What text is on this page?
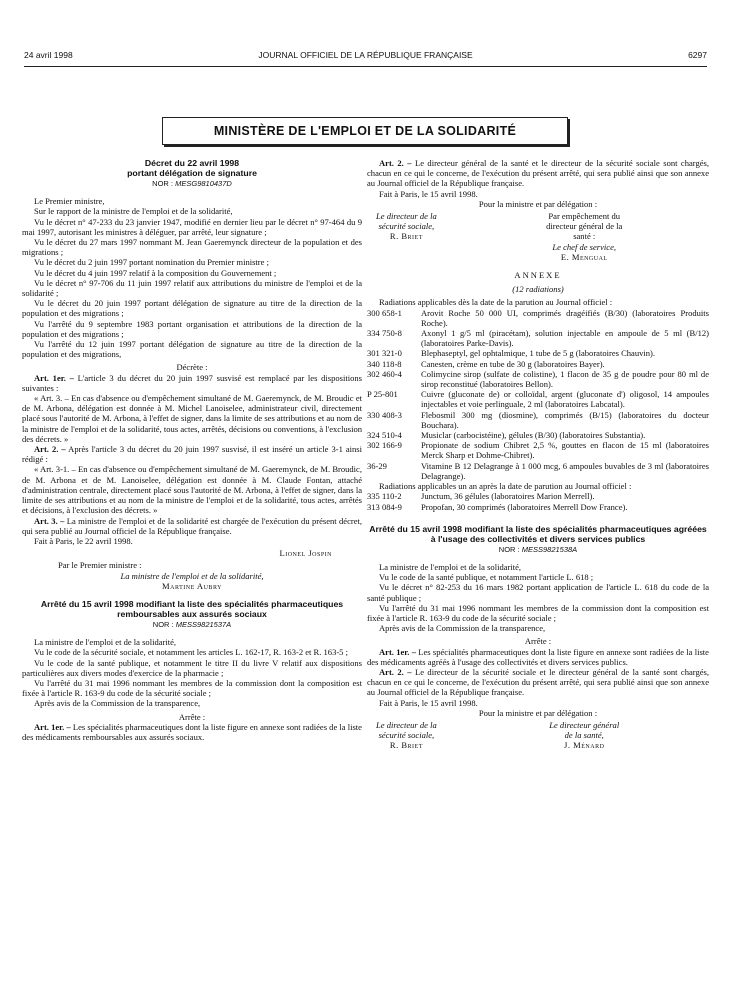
24 avril 1998	JOURNAL OFFICIEL DE LA RÉPUBLIQUE FRANÇAISE	6297
MINISTÈRE DE L'EMPLOI ET DE LA SOLIDARITÉ
Décret du 22 avril 1998
portant délégation de signature
NOR : MESG9810437D

Le Premier ministre,

Sur le rapport de la ministre de l'emploi et de la solidarité,

Vu le décret n° 47-233 du 23 janvier 1947, modifié en dernier lieu par le décret n° 97-464 du 9 mai 1997, autorisant les ministres à déléguer, par arrêté, leur signature ;

Vu le décret du 27 mars 1997 nommant M. Jean Gaeremynck directeur de la population et des migrations ;

Vu le décret du 2 juin 1997 portant nomination du Premier ministre ;

Vu le décret du 4 juin 1997 relatif à la composition du Gouvernement ;

Vu le décret n° 97-706 du 11 juin 1997 relatif aux attributions du ministre de l'emploi et de la solidarité ;

Vu le décret du 20 juin 1997 portant délégation de signature au titre de la direction de la population et des migrations ;

Vu l'arrêté du 9 septembre 1983 portant organisation et attributions de la direction de la population et des migrations ;

Vu l'arrêté du 12 juin 1997 portant délégation de signature au titre de la direction de la population et des migrations,

Décrète :

Art. 1er. – L'article 3 du décret du 20 juin 1997 susvisé est remplacé par les dispositions suivantes :

« Art. 3. – En cas d'absence ou d'empêchement simultané de M. Gaeremynck, de M. Broudic et de M. Arbona, délégation est donnée à M. Michel Lanoiselee, administrateur civil, directement placé sous l'autorité de M. Arbona, à l'effet de signer, dans la limite de ses attributions et au nom de la ministre de l'emploi et de la solidarité, tous actes, arrêtés, décisions ou conventions, à l'exclusion des décrets. »

Art. 2. – Après l'article 3 du décret du 20 juin 1997 susvisé, il est inséré un article 3-1 ainsi rédigé :

« Art. 3-1. – En cas d'absence ou d'empêchement simultané de M. Gaeremynck, de M. Broudic, de M. Arbona et de M. Lanoiselee, délégation est donnée à M. Claude Fontan, attaché d'administration centrale, directement placé sous l'autorité de M. Arbona, à l'effet de signer, dans la limite de ses attributions et au nom de la ministre de l'emploi et de la solidarité, tous actes, arrêtés et décisions, à l'exclusion des décrets. »

Art. 3. – La ministre de l'emploi et de la solidarité est chargée de l'exécution du présent décret, qui sera publié au Journal officiel de la République française.

Fait à Paris, le 22 avril 1998.

Lionel Jospin

Par le Premier ministre :

La ministre de l'emploi et de la solidarité,

Martine Aubry

Arrêté du 15 avril 1998 modifiant la liste des spécialités pharmaceutiques remboursables aux assurés sociaux
NOR : MESS9821537A

La ministre de l'emploi et de la solidarité,

Vu le code de la sécurité sociale, et notamment les articles L. 162-17, R. 163-2 et R. 163-5 ;

Vu le code de la santé publique, et notamment le titre II du livre V relatif aux dispositions particulières aux divers modes d'exercice de la pharmacie ;

Vu l'arrêté du 31 mai 1996 nommant les membres de la commission dont la composition est fixée à l'article R. 163-9 du code de la sécurité sociale ;

Après avis de la Commission de la transparence,

Arrête :

Art. 1er. – Les spécialités pharmaceutiques dont la liste figure en annexe sont radiées de la liste des médicaments remboursables aux assurés sociaux.

Art. 2. – Le directeur général de la santé et le directeur de la sécurité sociale sont chargés, chacun en ce qui le concerne, de l'exécution du présent arrêté, qui sera publié ainsi que son annexe au Journal officiel de la République française.

Fait à Paris, le 15 avril 1998.

Pour la ministre et par délégation :

Le directeur de la sécurité sociale,
R. Briet
Par empêchement du directeur général de la santé :
Le chef de service,
E. Mengual
ANNEXE

(12 radiations)

Radiations applicables dès la date de la parution au Journal officiel :

300 658-1	Arovit Roche 50 000 UI, comprimés dragéifiés (B/30) (laboratoires Produits Roche).
334 750-8	Axonyl 1 g/5 ml (piracétam), solution injectable en ampoule de 5 ml (B/12) (laboratoires Parke-Davis).
301 321-0	Blephaseptyl, gel ophtalmique, 1 tube de 5 g (laboratoires Chauvin).
340 118-8	Canesten, crème en tube de 30 g (laboratoires Bayer).
302 460-4	Colimycine sirop (sulfate de colistine), 1 flacon de 35 g de poudre pour 80 ml de sirop reconstitué (laboratoires Bellon).
P 25-801	Cuivre (gluconate de) or colloïdal, argent (gluconate d') oligosol, 14 ampoules injectables et voie perlinguale, 2 ml (laboratoires Labcatal).
330 408-3	Flebosmil 300 mg (diosmine), comprimés (B/15) (laboratoires du docteur Bouchara).
324 510-4	Musiclar (carbocistéine), gélules (B/30) (laboratoires Substantia).
302 166-9	Propionate de sodium Chibret 2,5 %, gouttes en flacon de 15 ml (laboratoires Merck Sharp et Dohme-Chibret).
36-29	Vitamine B 12 Delagrange à 1 000 mcg, 6 ampoules buvables de 3 ml (laboratoires Delagrange).

Radiations applicables un an après la date de parution au Journal officiel :

335 110-2	Junctum, 36 gélules (laboratoires Marion Merrell).
313 084-9	Propofan, 30 comprimés (laboratoires Merrell Dow France).
Arrêté du 15 avril 1998 modifiant la liste des spécialités pharmaceutiques agréées à l'usage des collectivités et divers services publics
NOR : MESS9821538A

La ministre de l'emploi et de la solidarité,

Vu le code de la santé publique, et notamment l'article L. 618 ;

Vu le décret n° 82-253 du 16 mars 1982 portant application de l'article L. 618 du code de la santé publique ;

Vu l'arrêté du 31 mai 1996 nommant les membres de la commission dont la composition est fixée à l'article R. 163-9 du code de la sécurité sociale ;

Après avis de la Commission de la transparence,

Arrête :

Art. 1er. – Les spécialités pharmaceutiques dont la liste figure en annexe sont radiées de la liste des médicaments agréés à l'usage des collectivités et divers services publics.

Art. 2. – Le directeur de la sécurité sociale et le directeur général de la santé sont chargés, chacun en ce qui le concerne, de l'exécution du présent arrêté, qui sera publié ainsi que son annexe au Journal officiel de la République française.

Fait à Paris, le 15 avril 1998.

Pour la ministre et par délégation :

Le directeur de la sécurité sociale,
R. Briet
Le directeur général de la santé,
J. Ménard
